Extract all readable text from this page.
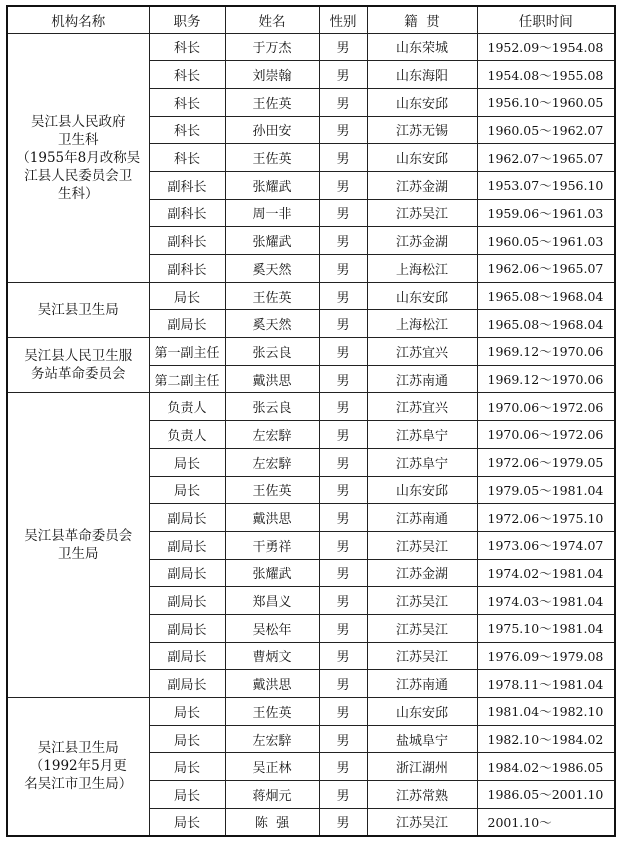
机构名称	职务	姓名	性别	籍  贯	任职时间

吴江县人民政府
卫生科
（1955年8月改称吴
江县人民委员会卫
生科）	科长	于万杰	男	山东荣城	1952.09～1954.08
	科长	刘崇翰	男	山东海阳	1954.08～1955.08
	科长	王佐英	男	山东安邱	1956.10～1960.05
	科长	孙田安	男	江苏无锡	1960.05～1962.07
	科长	王佐英	男	山东安邱	1962.07～1965.07
	副科长	张耀武	男	江苏金湖	1953.07～1956.10
	副科长	周一非	男	江苏吴江	1959.06～1961.03
	副科长	张耀武	男	江苏金湖	1960.05～1961.03
	副科长	奚天然	男	上海松江	1962.06～1965.07

吴江县卫生局	局长	王佐英	男	山东安邱	1965.08～1968.04
	副局长	奚天然	男	上海松江	1965.08～1968.04

吴江县人民卫生服
务站革命委员会	第一副主任	张云良	男	江苏宜兴	1969.12～1970.06
	第二副主任	戴洪思	男	江苏南通	1969.12～1970.06

吴江县革命委员会
卫生局	负责人	张云良	男	江苏宜兴	1970.06～1972.06
	负责人	左宏騂	男	江苏阜宁	1970.06～1972.06
	局长	左宏騂	男	江苏阜宁	1972.06～1979.05
	局长	王佐英	男	山东安邱	1979.05～1981.04
	副局长	戴洪思	男	江苏南通	1972.06～1975.10
	副局长	干勇祥	男	江苏吴江	1973.06～1974.07
	副局长	张耀武	男	江苏金湖	1974.02～1981.04
	副局长	郑昌义	男	江苏吴江	1974.03～1981.04
	副局长	吴松年	男	江苏吴江	1975.10～1981.04
	副局长	曹炳文	男	江苏吴江	1976.09～1979.08
	副局长	戴洪思	男	江苏南通	1978.11～1981.04

吴江县卫生局
（1992年5月更
名吴江市卫生局）	局长	王佐英	男	山东安邱	1981.04～1982.10
	局长	左宏騂	男	盐城阜宁	1982.10～1984.02
	局长	吴正林	男	浙江湖州	1984.02～1986.05
	局长	蒋炯元	男	江苏常熟	1986.05～2001.10
	局长	陈  强	男	江苏吴江	2001.10～
